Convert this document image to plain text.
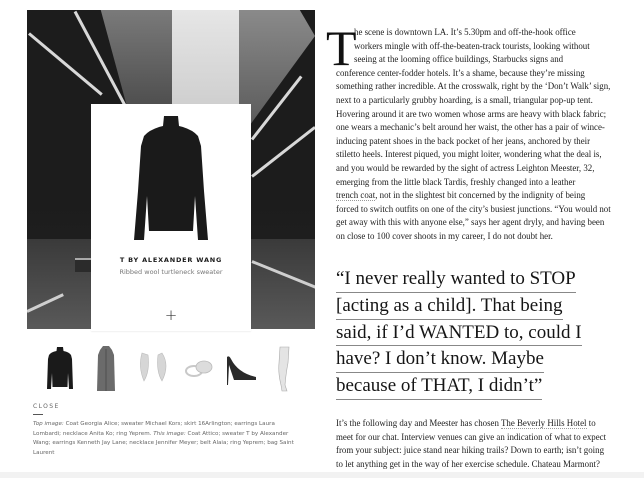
T BY ALEXANDER WANG
Ribbed wool turtleneck sweater
+
CLOSE
Top image: Coat Georgia Alice; sweater Michael Kors; skirt 16Arlington; earrings Laura Lombardi; necklace Anita Ko; ring Yeprem. This image: Coat Attico; sweater T by Alexander Wang; earrings Kenneth Jay Lane; necklace Jennifer Meyer; belt Alaia; ring Yeprem; bag Saint Laurent
T
he scene is downtown LA. It’s 5.30pm and off-the-hook office
workers mingle with off-the-beaten-track tourists, looking without
seeing at the looming office buildings, Starbucks signs and
conference center-fodder hotels. It’s a shame, because they’re missing
something rather incredible. At the crosswalk, right by the ‘Don’t Walk’ sign,
next to a particularly grubby hoarding, is a small, triangular pop-up tent.
Hovering around it are two women whose arms are heavy with black fabric;
one wears a mechanic’s belt around her waist, the other has a pair of wince-
inducing patent shoes in the back pocket of her jeans, anchored by their
stiletto heels. Interest piqued, you might loiter, wondering what the deal is,
and you would be rewarded by the sight of actress Leighton Meester, 32,
emerging from the little black Tardis, freshly changed into a leather
trench coat, not in the slightest bit concerned by the indignity of being
forced to switch outfits on one of the city’s busiest junctions. “You would not
get away with this with anyone else,” says her agent dryly, and having been
on close to 100 cover shoots in my career, I do not doubt her.
“I never really wanted to STOP
[acting as a child]. That being
said, if I’d WANTED to, could I
have? I don’t know. Maybe
because of THAT, I didn’t”
It’s the following day and Meester has chosen The Beverly Hills Hotel to
meet for our chat. Interview venues can give an indication of what to expect
from your subject: juice stand near hiking trails? Down to earth; isn’t going
to let anything get in the way of her exercise schedule. Chateau Marmont?
